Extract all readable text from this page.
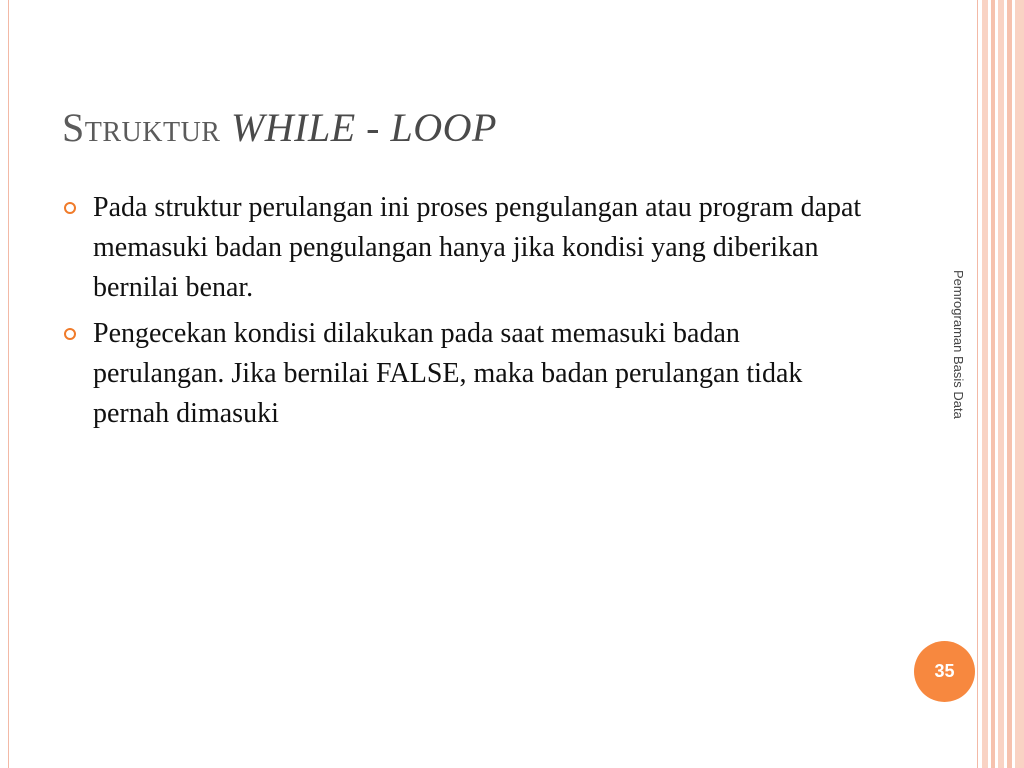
Struktur WHILE - LOOP
Pada struktur perulangan ini proses pengulangan atau program dapat memasuki badan pengulangan hanya jika kondisi yang diberikan bernilai benar.
Pengecekan kondisi dilakukan pada saat memasuki badan perulangan. Jika bernilai FALSE, maka badan perulangan tidak pernah dimasuki	Pemrograman Basis Data
35
